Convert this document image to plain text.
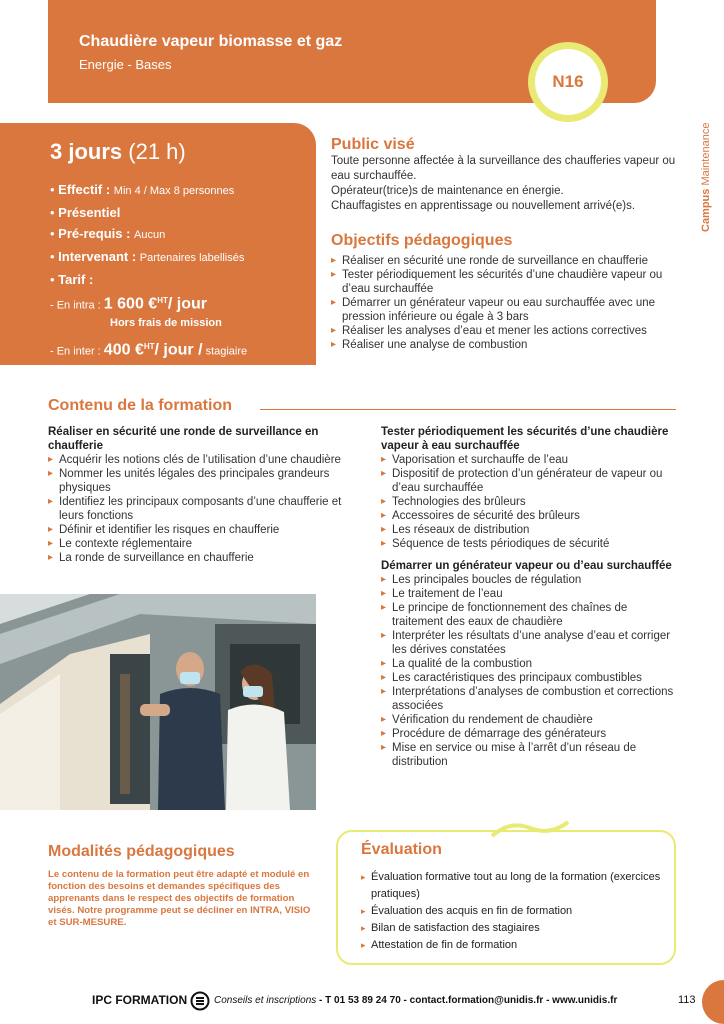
Chaudière vapeur biomasse et gaz
Energie - Bases
N16
Campus Maintenance
3 jours (21 h)
• Effectif : Min 4 / Max 8 personnes
• Présentiel
• Pré-requis : Aucun
• Intervenant : Partenaires labellisés
• Tarif :
- En intra : 1 600 €$^{HT}$/ jour
Hors frais de mission
- En inter : 400 €$^{HT}$/ jour / stagiaire
Public visé

Toute personne affectée à la surveillance des chaufferies vapeur ou eau surchauffée.

Opérateur(trice)s de maintenance en énergie.

Chauffagistes en apprentissage ou nouvellement arrivé(e)s.

Objectifs pédagogiques
▸ Réaliser en sécurité une ronde de surveillance en chaufferie
▸ Tester périodiquement les sécurités d’une chaudière vapeur ou d’eau surchauffée
▸ Démarrer un générateur vapeur ou eau surchauffée avec une pression inférieure ou égale à 3 bars
▸ Réaliser les analyses d’eau et mener les actions correctives
▸ Réaliser une analyse de combustion
Contenu de la formation
Réaliser en sécurité une ronde de surveillance en chaufferie
▸ Acquérir les notions clés de l’utilisation d’une chaudière
▸ Nommer les unités légales des principales grandeurs physiques
▸ Identifiez les principaux composants d’une chaufferie et leurs fonctions
▸ Définir et identifier les risques en chaufferie
▸ Le contexte réglementaire
▸ La ronde de surveillance en chaufferie
Tester périodiquement les sécurités d’une chaudière vapeur à eau surchauffée
▸ Vaporisation et surchauffe de l’eau
▸ Dispositif de protection d’un générateur de vapeur ou d’eau surchauffée
▸ Technologies des brûleurs
▸ Accessoires de sécurité des brûleurs
▸ Les réseaux de distribution
▸ Séquence de tests périodiques de sécurité
Démarrer un générateur vapeur ou d’eau surchauffée
▸ Les principales boucles de régulation
▸ Le traitement de l’eau
▸ Le principe de fonctionnement des chaînes de traitement des eaux de chaudière
▸ Interpréter les résultats d’une analyse d’eau et corriger les dérives constatées
▸ La qualité de la combustion
▸ Les caractéristiques des principaux combustibles
▸ Interprétations d’analyses de combustion et corrections associées
▸ Vérification du rendement de chaudière
▸ Procédure de démarrage des générateurs
▸ Mise en service ou mise à l’arrêt d’un réseau de distribution
Modalités pédagogiques

Le contenu de la formation peut être adapté et modulé en fonction des besoins et demandes spécifiques des apprenants dans le respect des objectifs de formation visés. Notre programme peut se décliner en INTRA, VISIO et SUR-MESURE.

Évaluation
▸ Évaluation formative tout au long de la formation (exercices pratiques)
▸ Évaluation des acquis en fin de formation
▸ Bilan de satisfaction des stagiaires
▸ Attestation de fin de formation
IPC FORMATION	Conseils et inscriptions - T 01 53 89 24 70 - contact.formation@unidis.fr - www.unidis.fr	113
